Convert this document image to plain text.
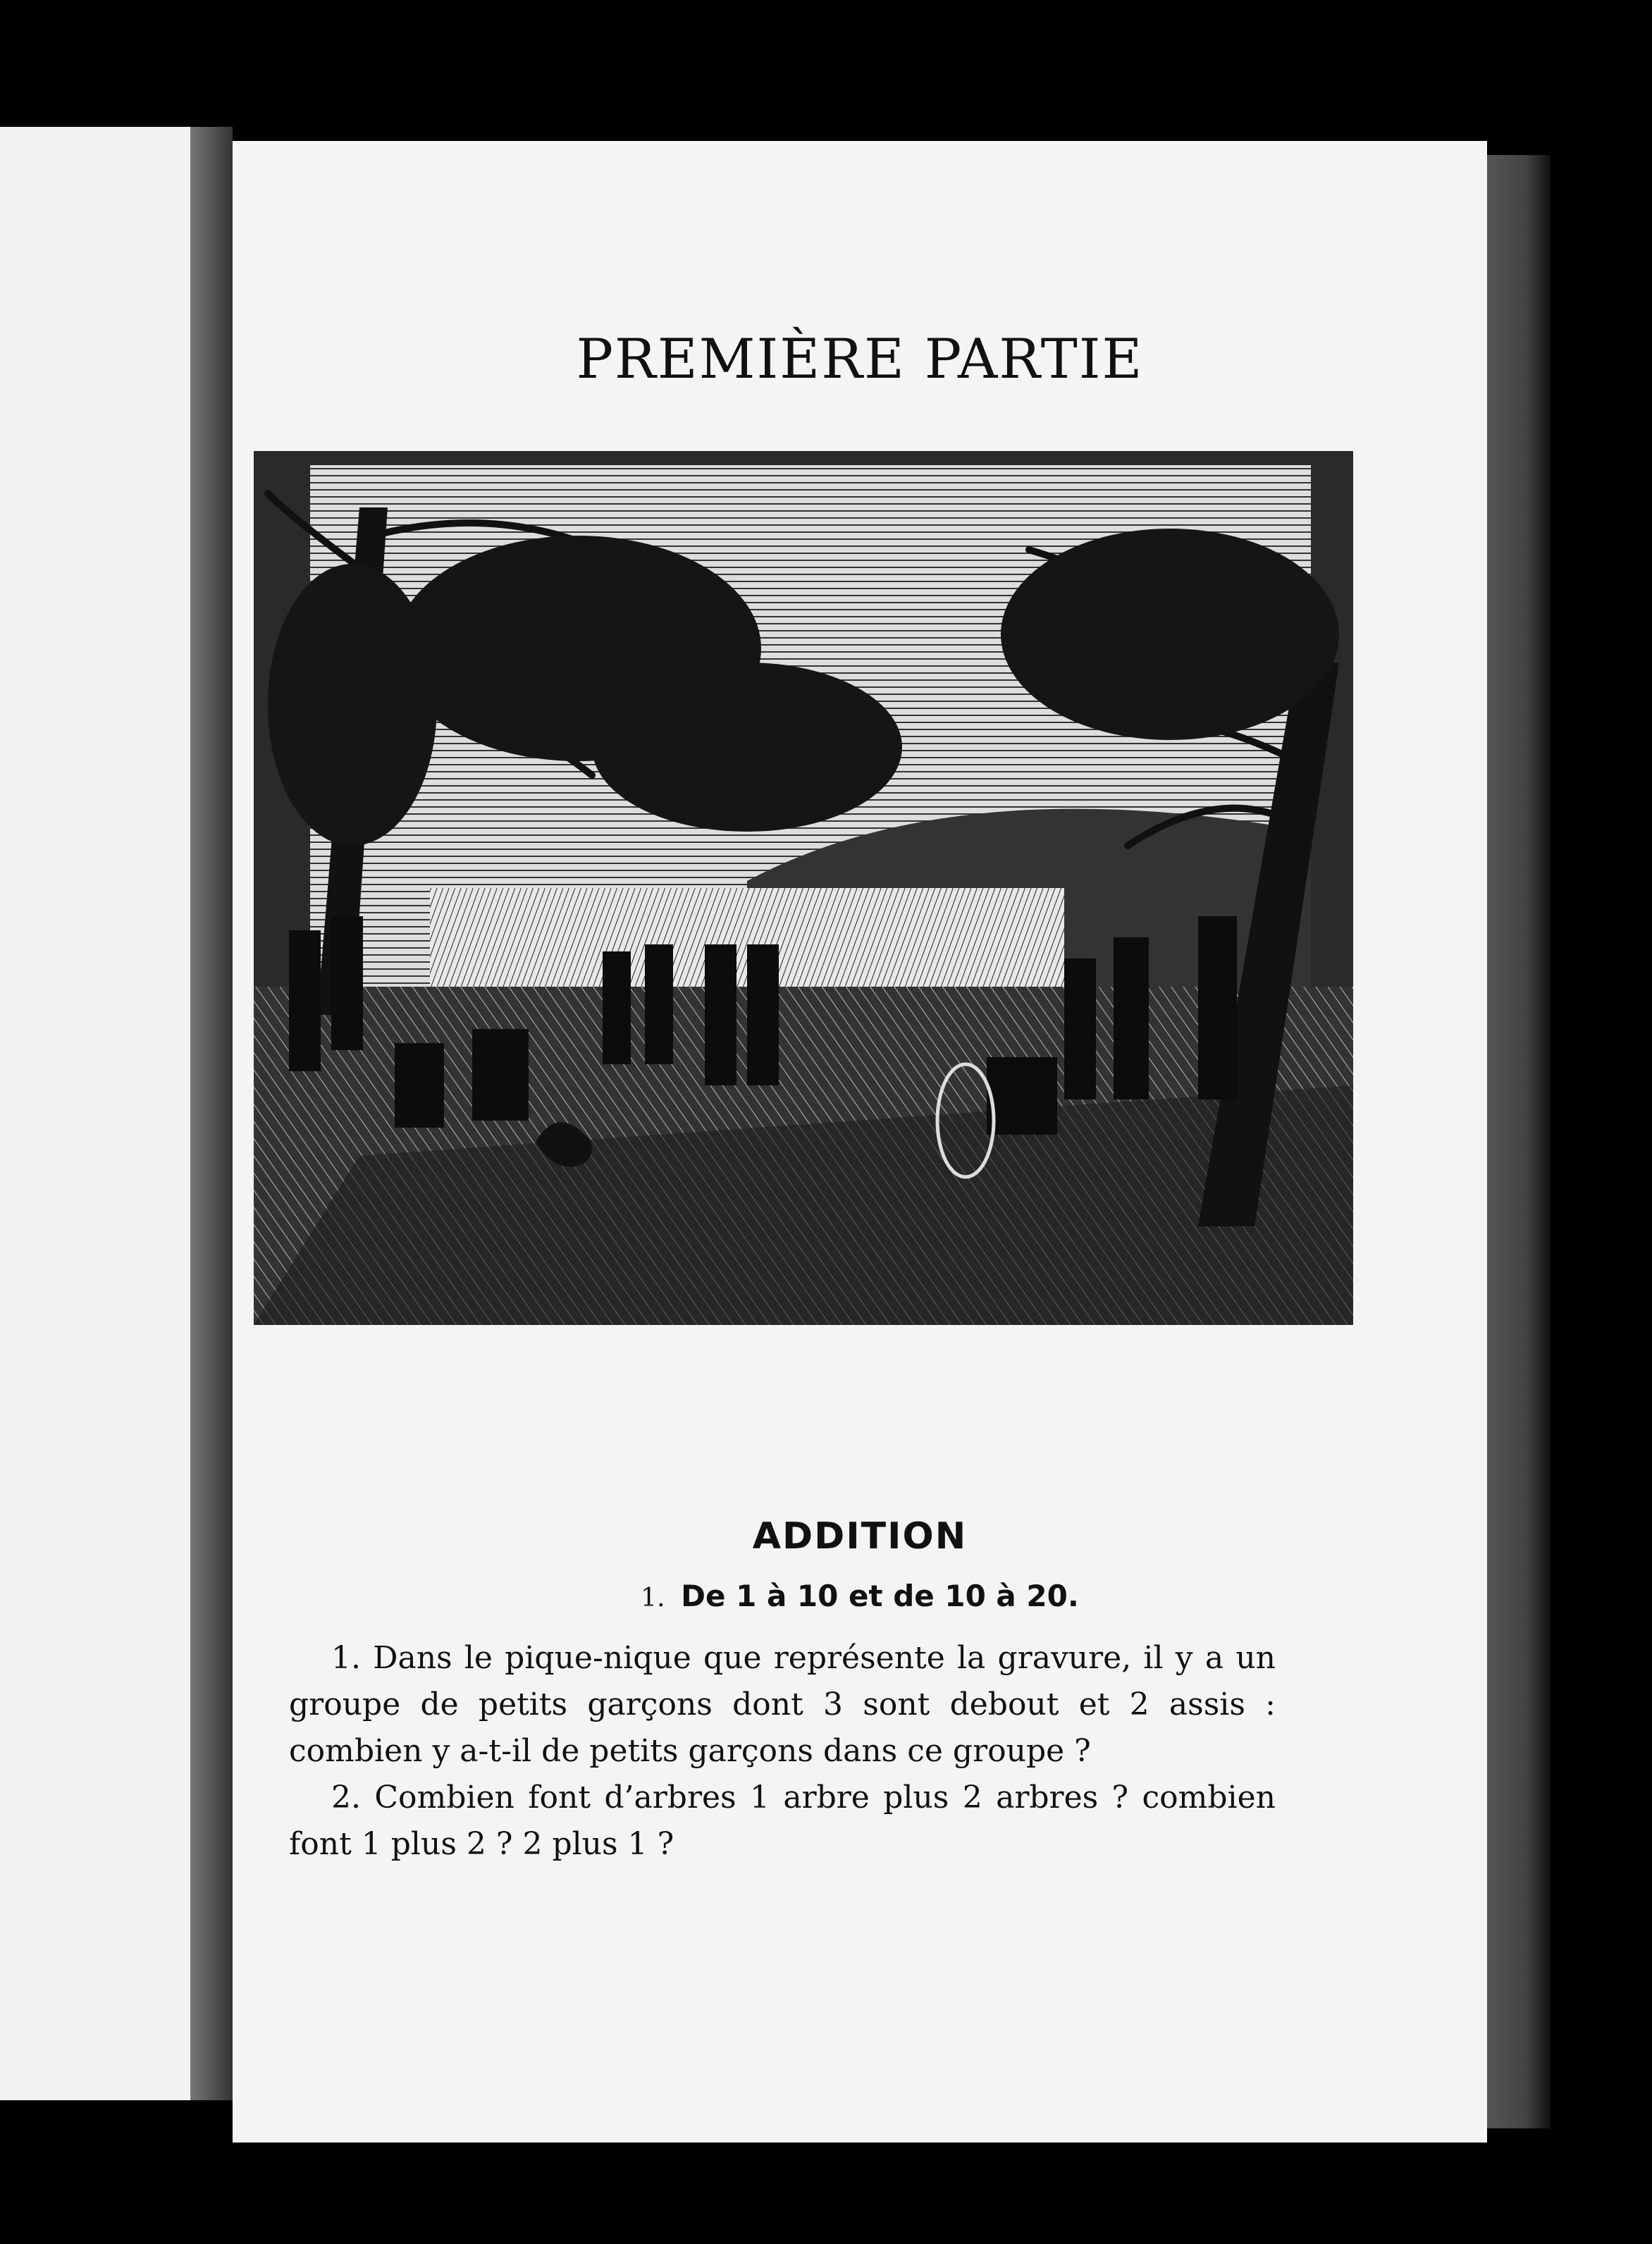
PREMIÈRE PARTIE
ADDITION
1. De 1 à 10 et de 10 à 20.

1. Dans le pique-nique que représente la gravure, il y a un groupe de petits garçons dont 3 sont debout et 2 assis : combien y a-t-il de petits garçons dans ce groupe ?

2. Combien font d’arbres 1 arbre plus 2 arbres ? combien font 1 plus 2 ? 2 plus 1 ?
